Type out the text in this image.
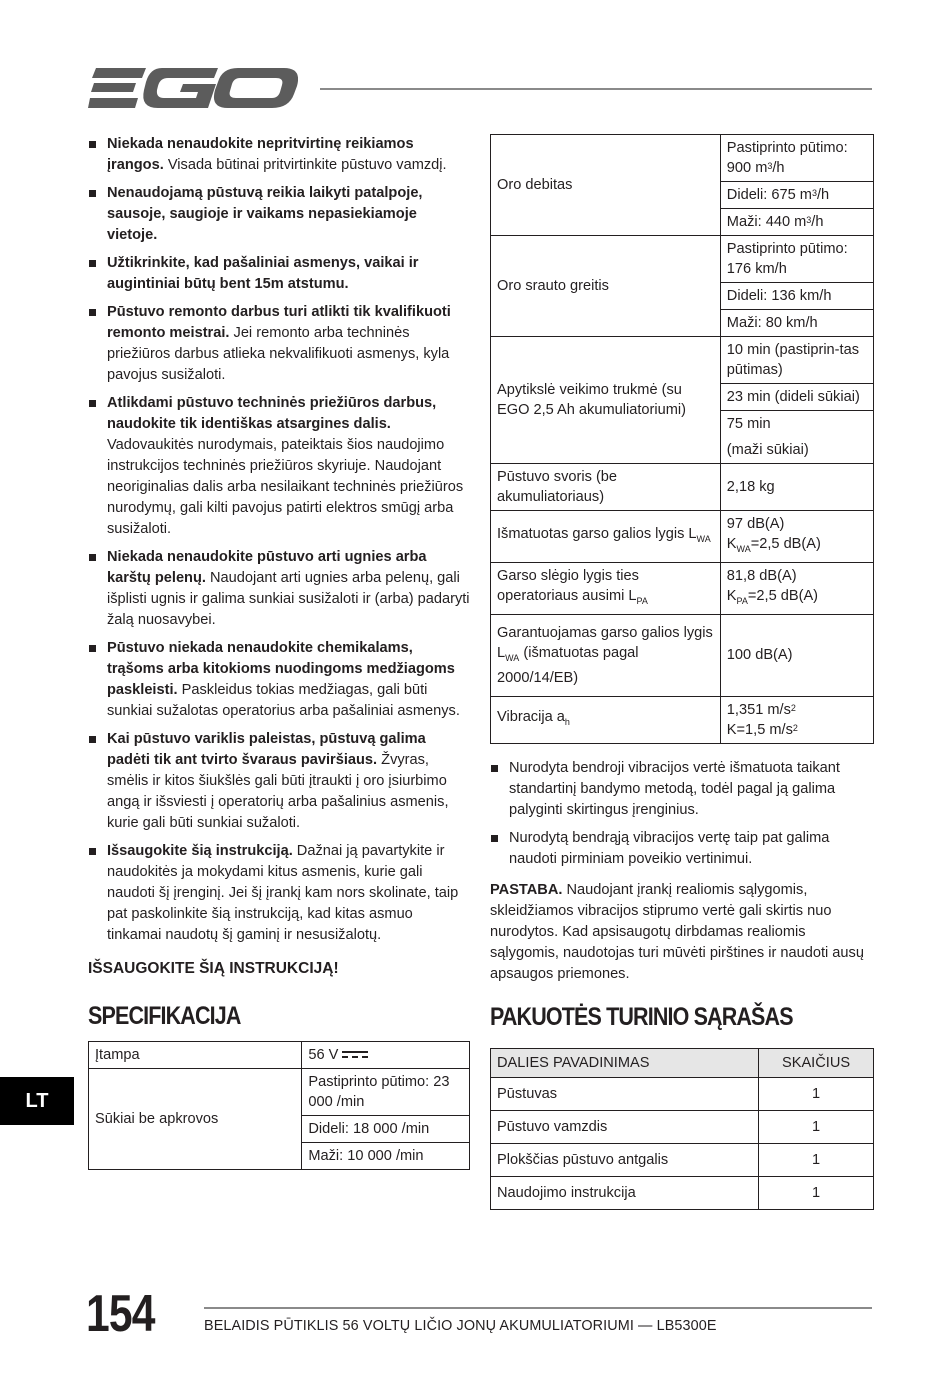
Niekada nenaudokite nepritvirtinę reikiamos įrangos. Visada būtinai pritvirtinkite pūstuvo vamzdį.
Nenaudojamą pūstuvą reikia laikyti patalpoje, sausoje, saugioje ir vaikams nepasiekiamoje vietoje.
Užtikrinkite, kad pašaliniai asmenys, vaikai ir augintiniai būtų bent 15m atstumu.
Pūstuvo remonto darbus turi atlikti tik kvalifikuoti remonto meistrai. Jei remonto arba techninės priežiūros darbus atlieka nekvalifikuoti asmenys, kyla pavojus susižaloti.
Atlikdami pūstuvo techninės priežiūros darbus, naudokite tik identiškas atsargines dalis. Vadovaukitės nurodymais, pateiktais šios naudojimo instrukcijos techninės priežiūros skyriuje. Naudojant neoriginalias dalis arba nesilaikant techninės priežiūros nurodymų, gali kilti pavojus patirti elektros smūgį arba susižaloti.
Niekada nenaudokite pūstuvo arti ugnies arba karštų pelenų. Naudojant arti ugnies arba pelenų, gali išplisti ugnis ir galima sunkiai susižaloti ir (arba) padaryti žalą nuosavybei.
Pūstuvo niekada nenaudokite chemikalams, trąšoms arba kitokioms nuodingoms medžiagoms paskleisti. Paskleidus tokias medžiagas, gali būti sunkiai sužalotas operatorius arba pašaliniai asmenys.
Kai pūstuvo variklis paleistas, pūstuvą galima padėti tik ant tvirto švaraus paviršiaus. Žvyras, smėlis ir kitos šiukšlės gali būti įtraukti į oro įsiurbimo angą ir išsviesti į operatorių arba pašalinius asmenis, kurie gali būti sunkiai sužaloti.
Išsaugokite šią instrukciją. Dažnai ją pavartykite ir naudokitės ja mokydami kitus asmenis, kurie gali naudoti šį įrenginį. Jei šį įrankį kam nors skolinate, taip pat paskolinkite šią instrukciją, kad kitas asmuo tinkamai naudotų šį gaminį ir nesusižalotų.
IŠSAUGOKITE ŠIĄ INSTRUKCIJĄ!
SPECIFIKACIJA
Įtampa	56 V

Sūkiai be apkrovos	Pastiprinto pūtimo: 23 000 /min
	Dideli: 18 000 /min
	Maži: 10 000 /min
Oro debitas	Pastiprinto pūtimo: 900 $m^3/h$
	Dideli: 675 $m^3/h$
	Maži: 440 $m^3/h$
Oro srauto greitis	Pastiprinto pūtimo: 176 km/h
	Dideli: 136 km/h
	Maži: 80 km/h
Apytikslė veikimo trukmė (su EGO 2,5 Ah akumuliatoriumi)	10 min (pastiprin-tas pūtimas)
	23 min (dideli sūkiai)
	75 min
(maži sūkiai)
Pūstuvo svoris (be akumuliatoriaus)	2,18 kg
Išmatuotas garso galios lygis $L_{WA}$	97 dB(A)
$K_{WA}=2,5$ dB(A)
Garso slėgio lygis ties operatoriaus ausimi $L_{PA}$	81,8 dB(A)
$K_{PA}=2,5$ dB(A)
Garantuojamas garso galios lygis
$L_{WA}$ (išmatuotas pagal 2000/14/EB)	100 dB(A)
Vibracija $a_h$	1,351 $m/s^2$
K=1,5 $m/s^2$
Nurodyta bendroji vibracijos vertė išmatuota taikant standartinį bandymo metodą, todėl pagal ją galima palyginti skirtingus įrenginius.
Nurodytą bendrąją vibracijos vertę taip pat galima naudoti pirminiam poveikio vertinimui.
PASTABA. Naudojant įrankį realiomis sąlygomis, skleidžiamos vibracijos stiprumo vertė gali skirtis nuo nurodytos. Kad apsisaugotų dirbdamas realiomis sąlygomis, naudotojas turi mūvėti pirštines ir naudoti ausų apsaugos priemones.
PAKUOTĖS TURINIO SĄRAŠAS
DALIES PAVADINIMAS	SKAIČIUS
Pūstuvas	1
Pūstuvo vamzdis	1
Plokščias pūstuvo antgalis	1
Naudojimo instrukcija	1
LT
154	BELAIDIS PŪTIKLIS 56 VOLTŲ LIČIO JONŲ AKUMULIATORIUMI — LB5300E
